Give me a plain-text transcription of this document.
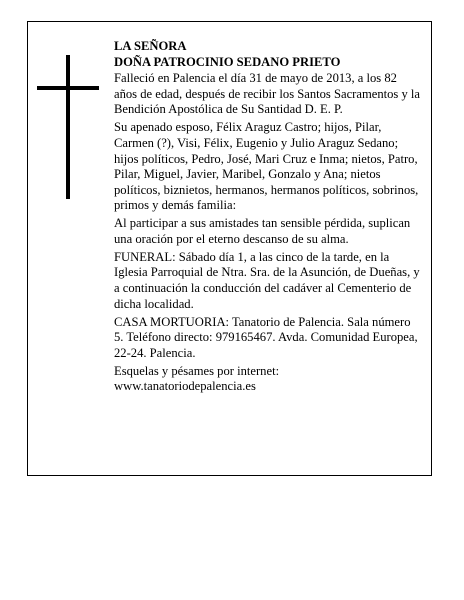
LA SEÑORA
DOÑA PATROCINIO SEDANO PRIETO

Falleció en Palencia el día 31 de mayo de 2013, a los 82 años de edad, después de recibir los Santos Sacramentos y la Bendición Apostólica de Su Santidad D. E. P.

Su apenado esposo, Félix Araguz Castro; hijos, Pilar, Carmen (?), Visi, Félix, Eugenio y Julio Araguz Sedano; hijos políticos, Pedro, José, Mari Cruz e Inma; nietos, Patro, Pilar, Miguel, Javier, Maribel, Gonzalo y Ana; nietos políticos, biznietos, hermanos, hermanos políticos, sobrinos, primos y demás familia:

Al participar a sus amistades tan sensible pérdida, suplican una oración por el eterno descanso de su alma.

FUNERAL: Sábado día 1, a las cinco de la tarde, en la Iglesia Parroquial de Ntra. Sra. de la Asunción, de Dueñas, y a continuación la conducción del cadáver al Cementerio de dicha localidad.

CASA MORTUORIA: Tanatorio de Palencia. Sala número 5. Teléfono directo: 979165467. Avda. Comunidad Europea, 22-24. Palencia.

Esquelas y pésames por internet: www.tanatoriodepalencia.es
